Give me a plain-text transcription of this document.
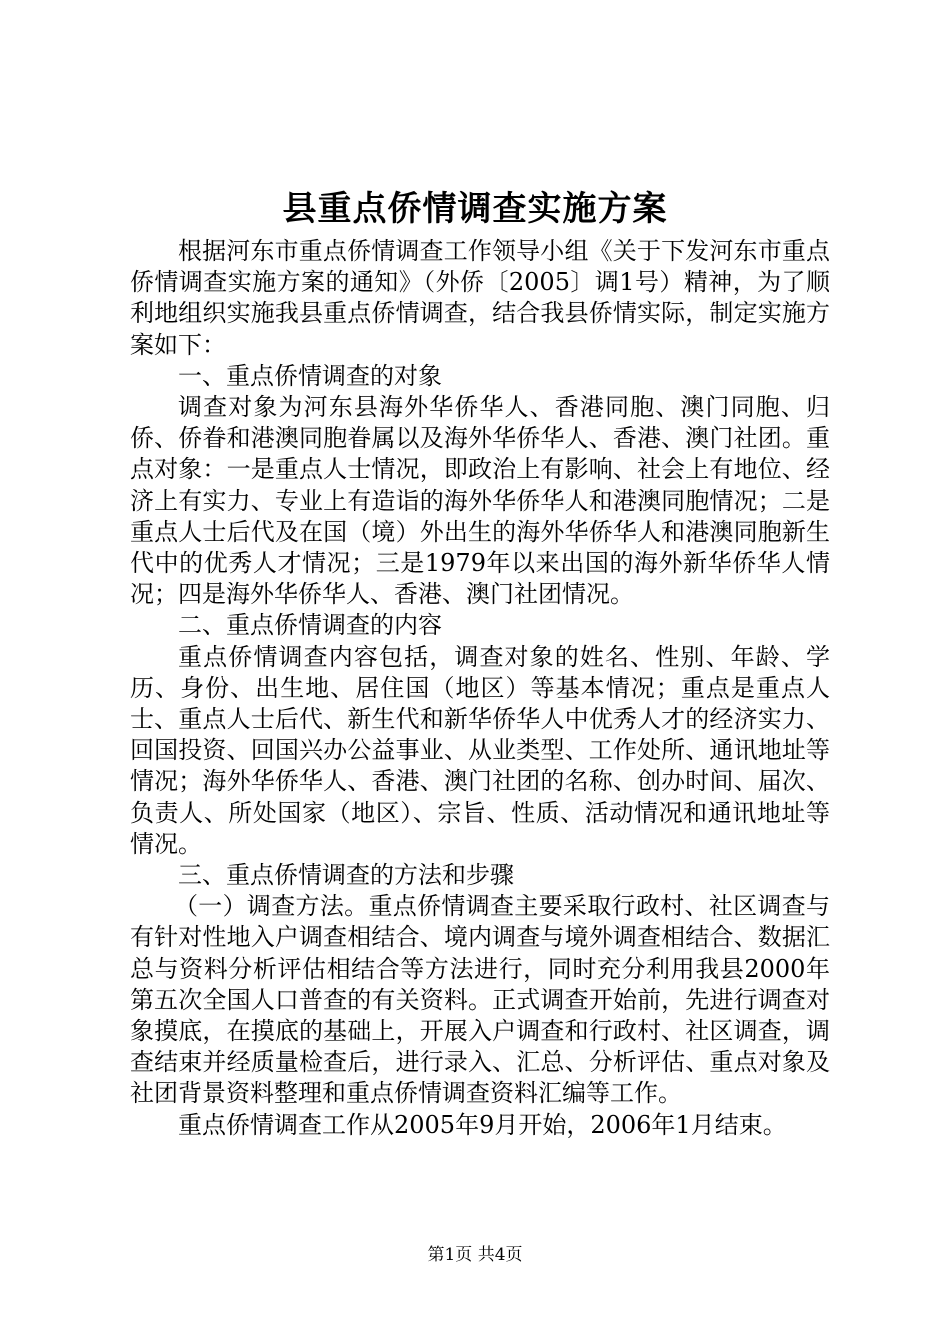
县重点侨情调查实施方案

根据河东市重点侨情调查工作领导小组《关于下发河东市重点侨情调查实施方案的通知》（外侨〔2005〕调1号）精神，为了顺利地组织实施我县重点侨情调查，结合我县侨情实际，制定实施方案如下：

一、重点侨情调查的对象

调查对象为河东县海外华侨华人、香港同胞、澳门同胞、归侨、侨眷和港澳同胞眷属以及海外华侨华人、香港、澳门社团。重点对象：一是重点人士情况，即政治上有影响、社会上有地位、经济上有实力、专业上有造诣的海外华侨华人和港澳同胞情况；二是重点人士后代及在国（境）外出生的海外华侨华人和港澳同胞新生代中的优秀人才情况；三是1979年以来出国的海外新华侨华人情况；四是海外华侨华人、香港、澳门社团情况。

二、重点侨情调查的内容

重点侨情调查内容包括，调查对象的姓名、性别、年龄、学历、身份、出生地、居住国（地区）等基本情况；重点是重点人士、重点人士后代、新生代和新华侨华人中优秀人才的经济实力、回国投资、回国兴办公益事业、从业类型、工作处所、通讯地址等情况；海外华侨华人、香港、澳门社团的名称、创办时间、届次、负责人、所处国家（地区）、宗旨、性质、活动情况和通讯地址等情况。

三、重点侨情调查的方法和步骤

（一）调查方法。重点侨情调查主要采取行政村、社区调查与有针对性地入户调查相结合、境内调查与境外调查相结合、数据汇总与资料分析评估相结合等方法进行，同时充分利用我县2000年第五次全国人口普查的有关资料。正式调查开始前，先进行调查对象摸底，在摸底的基础上，开展入户调查和行政村、社区调查，调查结束并经质量检查后，进行录入、汇总、分析评估、重点对象及社团背景资料整理和重点侨情调查资料汇编等工作。

重点侨情调查工作从2005年9月开始，2006年1月结束。

第1页 共4页
